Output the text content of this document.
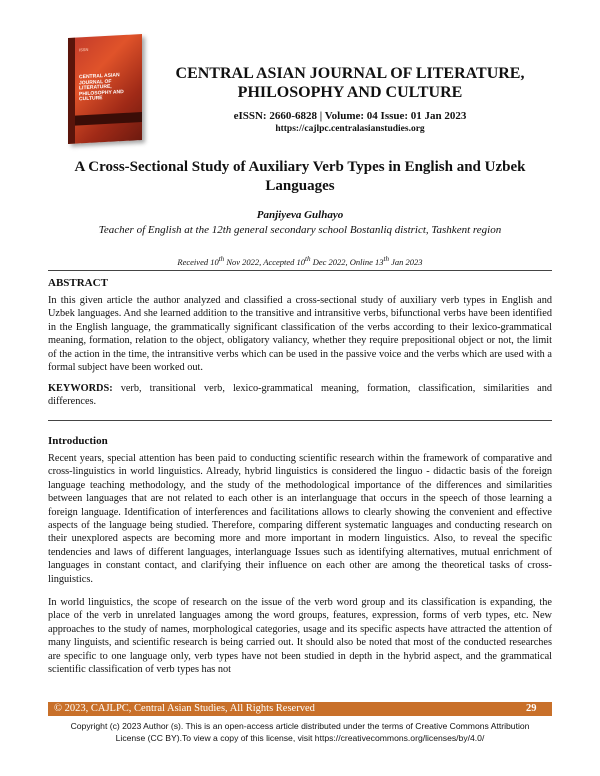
ISSN
CENTRAL ASIAN JOURNAL OF LITERATURE, PHILOSOPHY AND CULTURE
CENTRAL ASIAN JOURNAL OF LITERATURE, PHILOSOPHY AND CULTURE
eISSN: 2660-6828 | Volume: 04 Issue: 01 Jan 2023
https://cajlpc.centralasianstudies.org
A Cross-Sectional Study of Auxiliary Verb Types in English and Uzbek Languages
Panjiyeva Gulhayo
Teacher of English at the 12th general secondary school Bostanliq district, Tashkent region
Received 10th Nov 2022, Accepted 10th Dec 2022, Online 13th Jan 2023
ABSTRACT
In this given article the author analyzed and classified a cross-sectional study of auxiliary verb types in English and Uzbek languages. And she learned addition to the transitive and intransitive verbs, bifunctional verbs have been identified in the English language, the grammatically significant classification of the verbs according to their lexico-grammatical meaning, formation, relation to the object, obligatory valiancy, whether they require prepositional object or not, the limit of the action in the time, the intransitive verbs which can be used in the passive voice and the verbs which are used with a formal subject have been worked out.
KEYWORDS: verb, transitional verb, lexico-grammatical meaning, formation, classification, similarities and differences.
Introduction
Recent years, special attention has been paid to conducting scientific research within the framework of comparative and cross-linguistics in world linguistics. Already, hybrid linguistics is considered the linguo - didactic basis of the foreign language teaching methodology, and the study of the methodological importance of the differences and similarities between languages that are not related to each other is an interlanguage that occurs in the speech of those learning a foreign language. Identification of interferences and facilitations allows to clearly showing the convenient and effective aspects of the language being studied. Therefore, comparing different systematic languages and conducting research on their unexplored aspects are becoming more and more important in modern linguistics. Also, to reveal the specific tendencies and laws of different languages, interlanguage Issues such as identifying alternatives, mutual enrichment of languages in constant contact, and clarifying their influence on each other are among the theoretical tasks of cross-linguistics.
In world linguistics, the scope of research on the issue of the verb word group and its classification is expanding, the place of the verb in unrelated languages among the word groups, features, expression, forms of verb types, etc. New approaches to the study of names, morphological categories, usage and its specific aspects have attracted the attention of many linguists, and scientific research is being carried out. It should also be noted that most of the conducted researches are specific to one language only, verb types have not been studied in depth in the hybrid aspect, and the grammatical scientific classification of verb types has not
© 2023, CAJLPC, Central Asian Studies, All Rights Reserved	29
Copyright (c) 2023 Author (s). This is an open-access article distributed under the terms of Creative Commons Attribution
License (CC BY).To view a copy of this license, visit https://creativecommons.org/licenses/by/4.0/
